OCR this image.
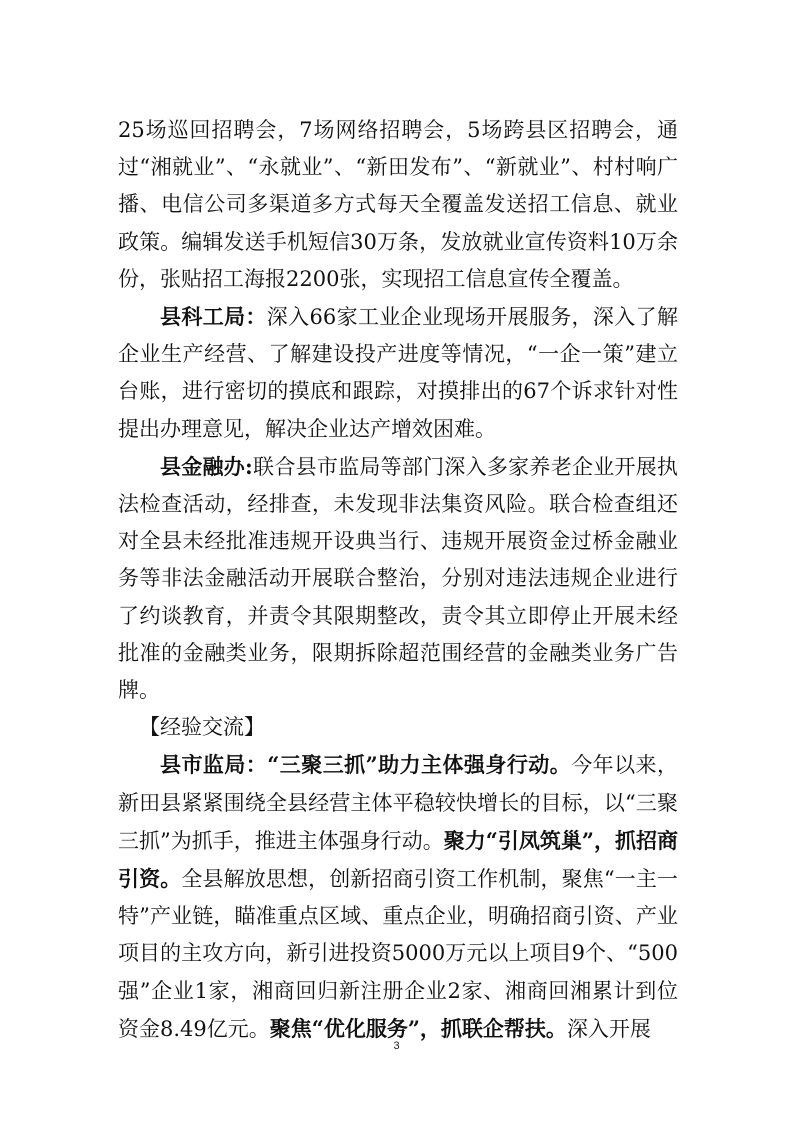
25场巡回招聘会，7场网络招聘会，5场跨县区招聘会，通过“湘就业”、“永就业”、“新田发布”、“新就业”、村村响广播、电信公司多渠道多方式每天全覆盖发送招工信息、就业政策。编辑发送手机短信30万条，发放就业宣传资料10万余份，张贴招工海报2200张，实现招工信息宣传全覆盖。

县科工局：深入66家工业企业现场开展服务，深入了解企业生产经营、了解建设投产进度等情况，“一企一策”建立台账，进行密切的摸底和跟踪，对摸排出的67个诉求针对性提出办理意见，解决企业达产增效困难。

县金融办:联合县市监局等部门深入多家养老企业开展执法检查活动，经排查，未发现非法集资风险。联合检查组还对全县未经批准违规开设典当行、违规开展资金过桥金融业务等非法金融活动开展联合整治，分别对违法违规企业进行了约谈教育，并责令其限期整改，责令其立即停止开展未经批准的金融类业务，限期拆除超范围经营的金融类业务广告牌。

【经验交流】

县市监局：“三聚三抓”助力主体强身行动。今年以来，新田县紧紧围绕全县经营主体平稳较快增长的目标，以“三聚三抓”为抓手，推进主体强身行动。聚力“引凤筑巢”，抓招商引资。全县解放思想，创新招商引资工作机制，聚焦“一主一特”产业链，瞄准重点区域、重点企业，明确招商引资、产业项目的主攻方向，新引进投资5000万元以上项目9个、“500强”企业1家，湘商回归新注册企业2家、湘商回湘累计到位资金8.49亿元。聚焦“优化服务”，抓联企帮扶。深入开展

3
